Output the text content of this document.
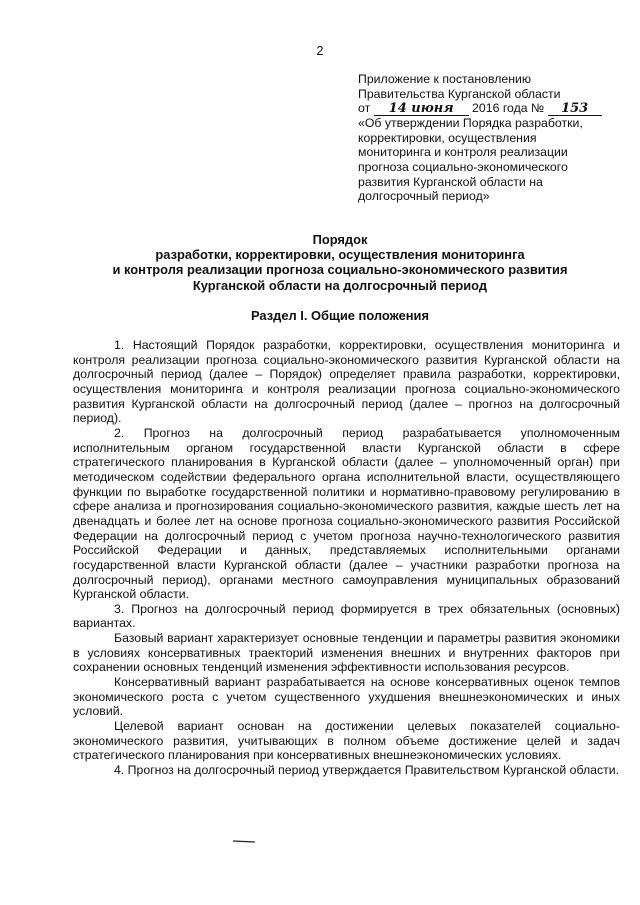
2
Приложение к постановлению
Правительства Курганской области
от 14 июня 2016 года № 153
«Об утверждении Порядка разработки,
корректировки, осуществления
мониторинга и контроля реализации
прогноза социально-экономического
развития Курганской области на
долгосрочный период»
Порядок
разработки, корректировки, осуществления мониторинга
и контроля реализации прогноза социально-экономического развития
Курганской области на долгосрочный период
Раздел I. Общие положения

1. Настоящий Порядок разработки, корректировки, осуществления мониторинга и контроля реализации прогноза социально-экономического развития Курганской области на долгосрочный период (далее – Порядок) определяет правила разработки, корректировки, осуществления мониторинга и контроля реализации прогноза социально-экономического развития Курганской области на долгосрочный период (далее – прогноз на долгосрочный период).

2. Прогноз на долгосрочный период разрабатывается уполномоченным исполнительным органом государственной власти Курганской области в сфере стратегического планирования в Курганской области (далее – уполномоченный орган) при методическом содействии федерального органа исполнительной власти, осуществляющего функции по выработке государственной политики и нормативно-правовому регулированию в сфере анализа и прогнозирования социально-экономического развития, каждые шесть лет на двенадцать и более лет на основе прогноза социально-экономического развития Российской Федерации на долгосрочный период с учетом прогноза научно-технологического развития Российской Федерации и данных, представляемых исполнительными органами государственной власти Курганской области (далее – участники разработки прогноза на долгосрочный период), органами местного самоуправления муниципальных образований Курганской области.

3. Прогноз на долгосрочный период формируется в трех обязательных (основных) вариантах.

Базовый вариант характеризует основные тенденции и параметры развития экономики в условиях консервативных траекторий изменения внешних и внутренних факторов при сохранении основных тенденций изменения эффективности использования ресурсов.

Консервативный вариант разрабатывается на основе консервативных оценок темпов экономического роста с учетом существенного ухудшения внешнеэкономических и иных условий.

Целевой вариант основан на достижении целевых показателей социально-экономического развития, учитывающих в полном объеме достижение целей и задач стратегического планирования при консервативных внешнеэкономических условиях.

4. Прогноз на долгосрочный период утверждается Правительством Курганской области.
